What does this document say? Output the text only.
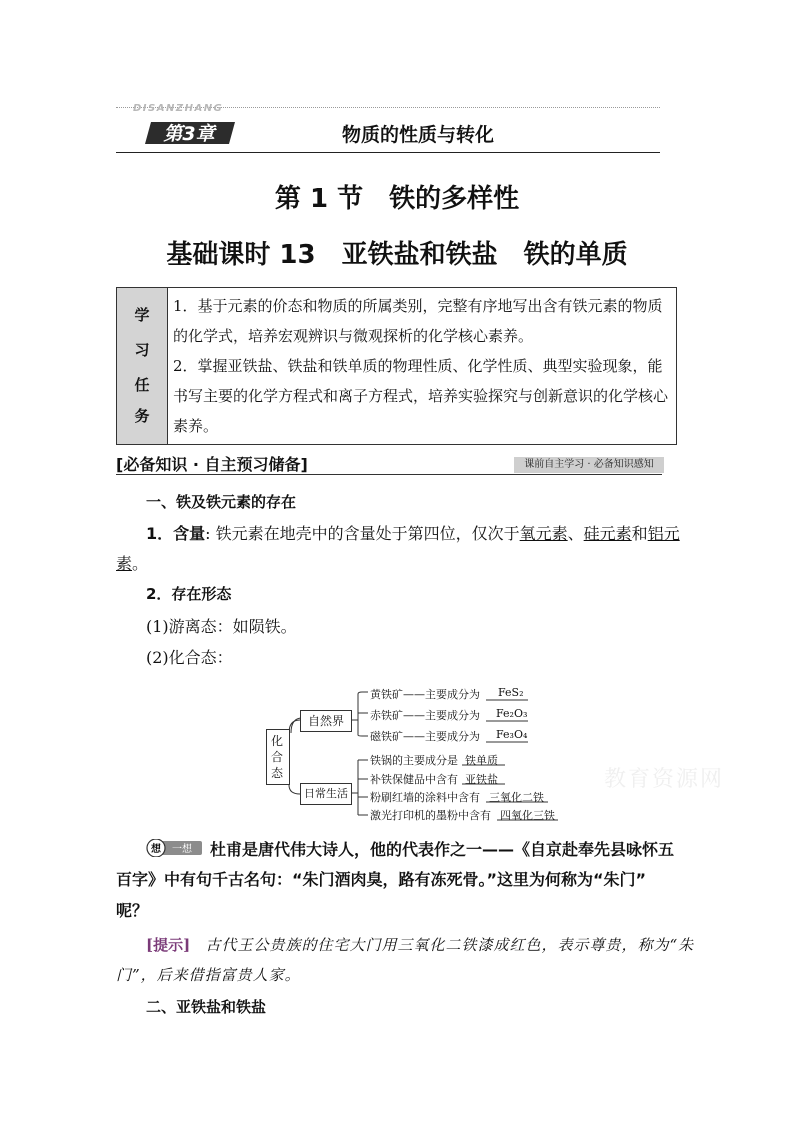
DISANZHANG
第3章	物质的性质与转化
第 1 节　铁的多样性
基础课时 13　亚铁盐和铁盐　铁的单质
学
习
任
务
1．基于元素的价态和物质的所属类别，完整有序地写出含有铁元素的物质的化学式，培养宏观辨识与微观探析的化学核心素养。
2．掌握亚铁盐、铁盐和铁单质的物理性质、化学性质、典型实验现象，能书写主要的化学方程式和离子方程式，培养实验探究与创新意识的化学核心素养。
[必备知识 · 自主预习储备]	课前自主学习 · 必备知识感知
一、铁及铁元素的存在
1．含量: 铁元素在地壳中的含量处于第四位，仅次于氧元素、硅元素和铝元
素。
2．存在形态
(1)游离态：如陨铁。
(2)化合态：
化合态
自然界
日常生活
黄铁矿——主要成分为 FeS₂
赤铁矿——主要成分为 Fe₂O₃
磁铁矿——主要成分为 Fe₃O₄
铁锅的主要成分是 铁单质
补铁保健品中含有 亚铁盐
粉刷红墙的涂料中含有 三氧化二铁
激光打印机的墨粉中含有 四氧化三铁
教育资源网
想 一想 杜甫是唐代伟大诗人，他的代表作之一——《自京赴奉先县咏怀五
百字》中有句千古名句：“朱门酒肉臭，路有冻死骨。”这里为何称为“朱门”
呢？
[提示] 古代王公贵族的住宅大门用三氧化二铁漆成红色，表示尊贵，称为“朱
门”，后来借指富贵人家。
二、亚铁盐和铁盐
